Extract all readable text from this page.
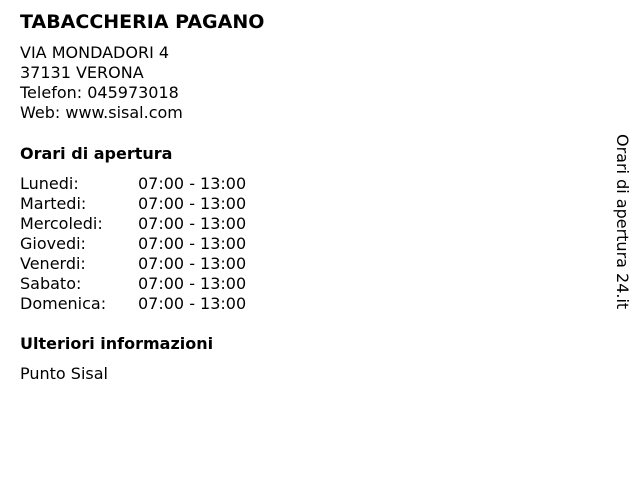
TABACCHERIA PAGANO
VIA MONDADORI 4
37131 VERONA
Telefon: 045973018
Web: www.sisal.com
Orari di apertura
Lunedi:	07:00 - 13:00
Martedi:	07:00 - 13:00
Mercoledi: 07:00 - 13:00
Giovedi:	07:00 - 13:00
Venerdi:	07:00 - 13:00
Sabato:	07:00 - 13:00
Domenica: 07:00 - 13:00
Ulteriori informazioni
Punto Sisal
Orari di apertura 24.it
